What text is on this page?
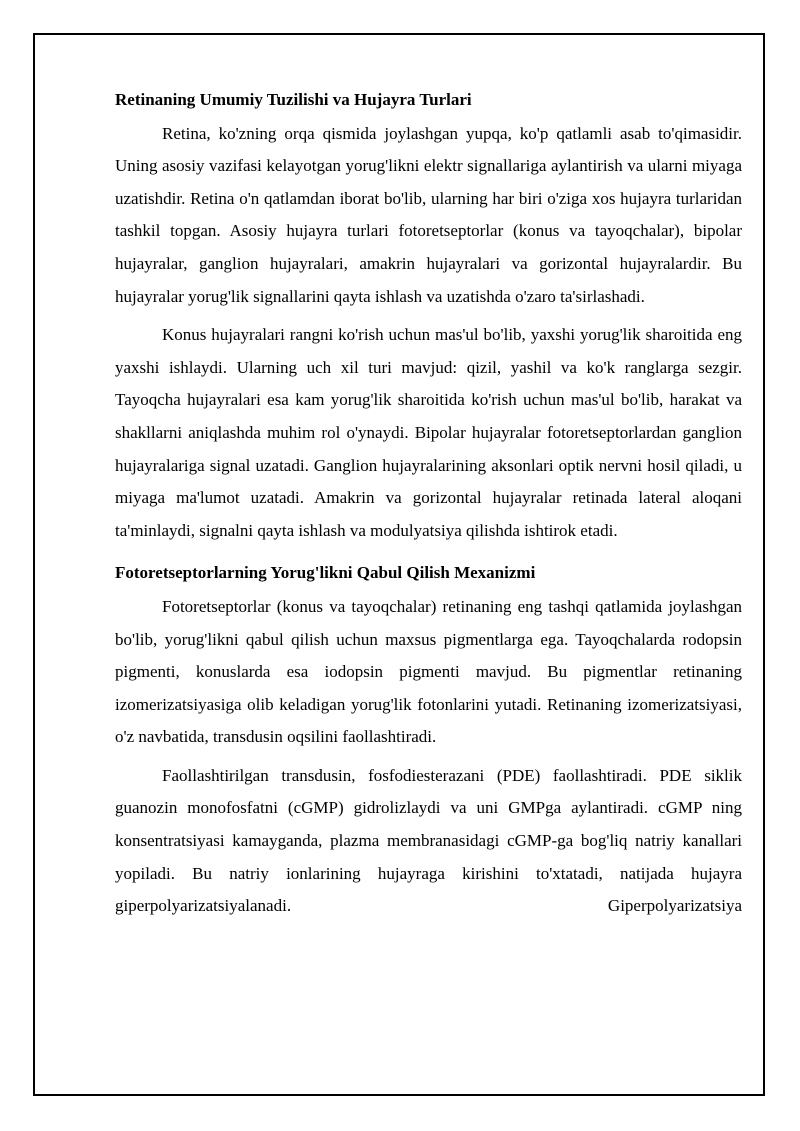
Retinaning Umumiy Tuzilishi va Hujayra Turlari

Retina, ko'zning orqa qismida joylashgan yupqa, ko'p qatlamli asab to'qimasidir. Uning asosiy vazifasi kelayotgan yorug'likni elektr signallariga aylantirish va ularni miyaga uzatishdir. Retina o'n qatlamdan iborat bo'lib, ularning har biri o'ziga xos hujayra turlaridan tashkil topgan. Asosiy hujayra turlari fotoretseptorlar (konus va tayoqchalar), bipolar hujayralar, ganglion hujayralari, amakrin hujayralari va gorizontal hujayralardir. Bu hujayralar yorug'lik signallarini qayta ishlash va uzatishda o'zaro ta'sirlashadi.

Konus hujayralari rangni ko'rish uchun mas'ul bo'lib, yaxshi yorug'lik sharoitida eng yaxshi ishlaydi. Ularning uch xil turi mavjud: qizil, yashil va ko'k ranglarga sezgir. Tayoqcha hujayralari esa kam yorug'lik sharoitida ko'rish uchun mas'ul bo'lib, harakat va shakllarni aniqlashda muhim rol o'ynaydi. Bipolar hujayralar fotoretseptorlardan ganglion hujayralariga signal uzatadi. Ganglion hujayralarining aksonlari optik nervni hosil qiladi, u miyaga ma'lumot uzatadi. Amakrin va gorizontal hujayralar retinada lateral aloqani ta'minlaydi, signalni qayta ishlash va modulyatsiya qilishda ishtirok etadi.

Fotoretseptorlarning Yorug'likni Qabul Qilish Mexanizmi

Fotoretseptorlar (konus va tayoqchalar) retinaning eng tashqi qatlamida joylashgan bo'lib, yorug'likni qabul qilish uchun maxsus pigmentlarga ega. Tayoqchalarda rodopsin pigmenti, konuslarda esa iodopsin pigmenti mavjud. Bu pigmentlar retinaning izomerizatsiyasiga olib keladigan yorug'lik fotonlarini yutadi. Retinaning izomerizatsiyasi, o'z navbatida, transdusin oqsilini faollashtiradi.

Faollashtirilgan transdusin, fosfodiesterazani (PDE) faollashtiradi. PDE siklik guanozin monofosfatni (cGMP) gidrolizlaydi va uni GMPga aylantiradi. cGMP ning konsentratsiyasi kamayganda, plazma membranasidagi cGMP-ga bog'liq natriy kanallari yopiladi. Bu natriy ionlarining hujayraga kirishini to'xtatadi, natijada hujayra giperpolyarizatsiyalanadi. Giperpolyarizatsiya
